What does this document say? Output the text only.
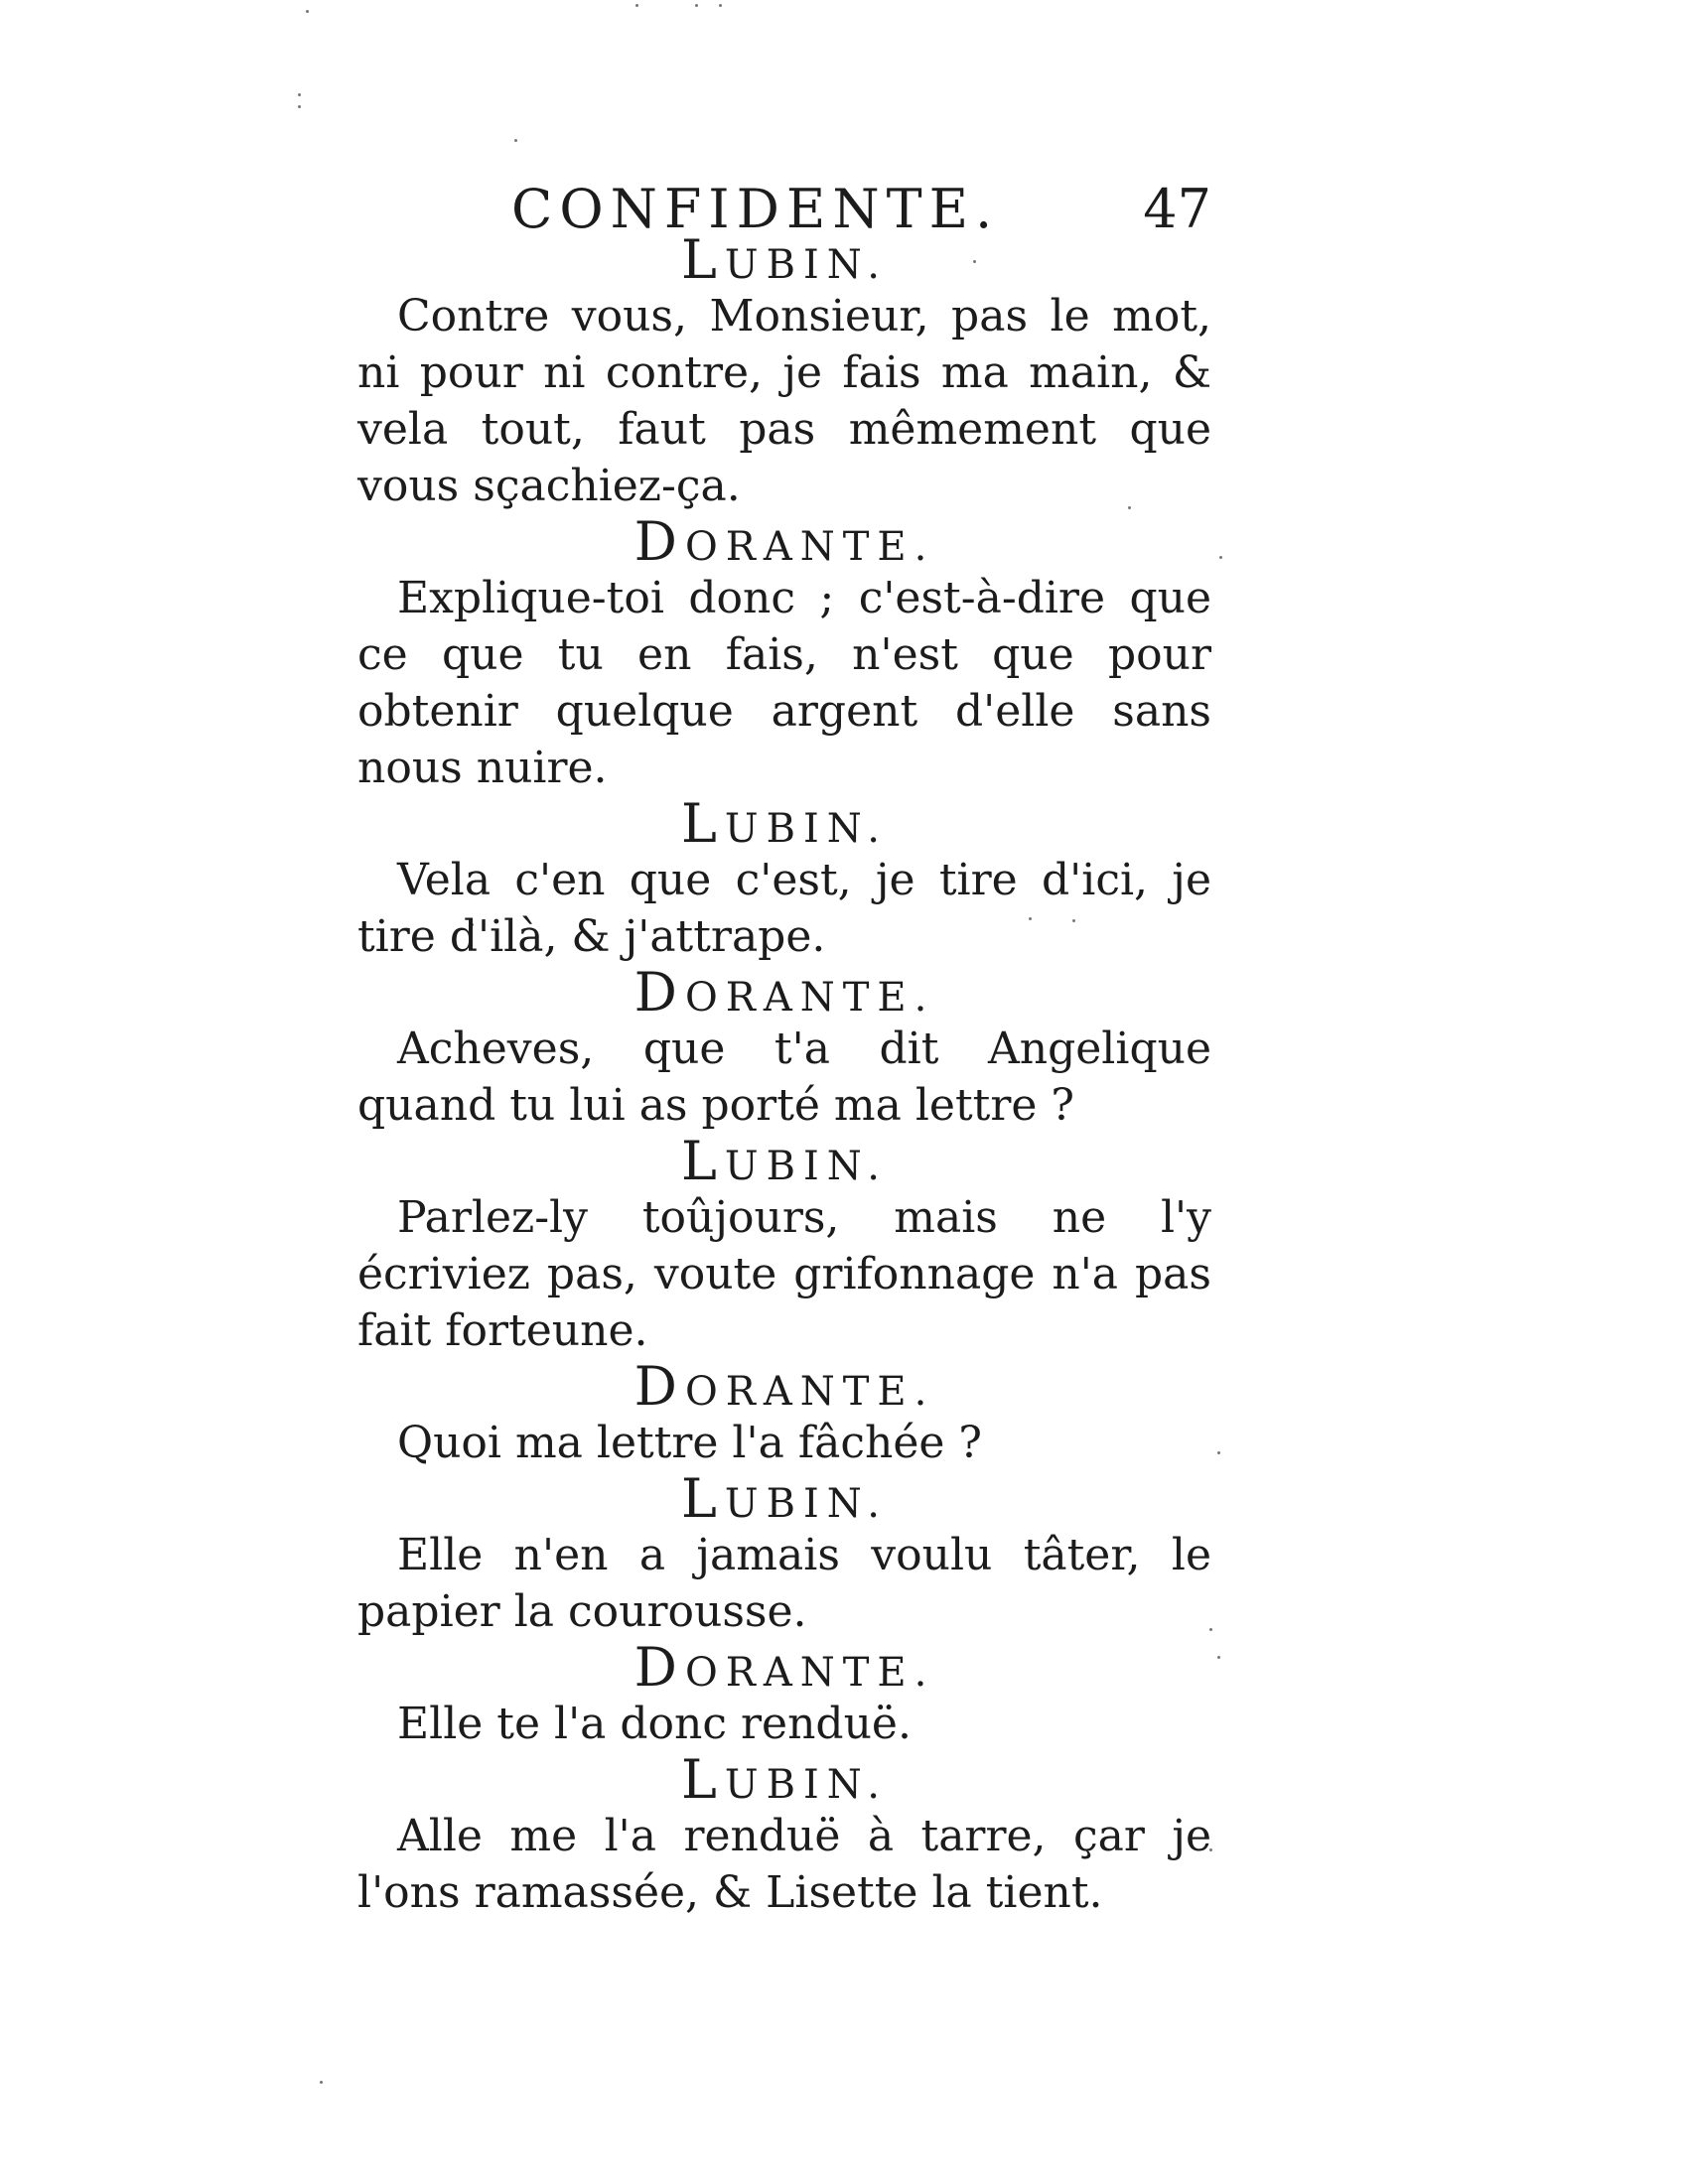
CONFIDENTE.	47
LUBIN.

Contre vous, Monsieur, pas le mot, ni pour ni contre, je fais ma main, & vela tout, faut pas mêmement que vous sçachiez-ça.

DORANTE.

Explique-toi donc ; c'est-à-dire que ce que tu en fais, n'est que pour obtenir quelque argent d'elle sans nous nuire.

LUBIN.

Vela c'en que c'est, je tire d'ici, je tire d'ilà, & j'attrape.

DORANTE.

Acheves, que t'a dit Angelique quand tu lui as porté ma lettre ?

LUBIN.

Parlez-ly toûjours, mais ne l'y écriviez pas, voute grifonnage n'a pas fait forteune.

DORANTE.

Quoi ma lettre l'a fâchée ?

LUBIN.

Elle n'en a jamais voulu tâter, le papier la courousse.

DORANTE.

Elle te l'a donc renduë.

LUBIN.

Alle me l'a renduë à tarre, çar je l'ons ramassée, & Lisette la tient.
